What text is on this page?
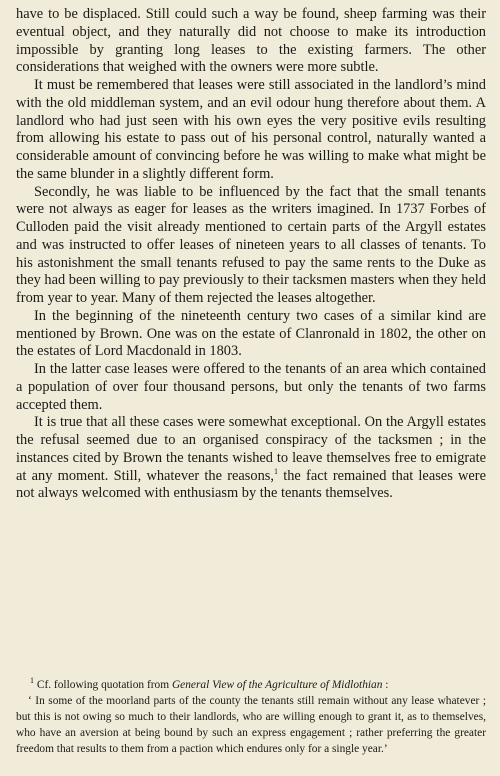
have to be displaced. Still could such a way be found, sheep farming was their eventual object, and they naturally did not choose to make its introduction impossible by granting long leases to the existing farmers. The other considerations that weighed with the owners were more subtle.

It must be remembered that leases were still associated in the landlord’s mind with the old middleman system, and an evil odour hung therefore about them. A landlord who had just seen with his own eyes the very positive evils resulting from allowing his estate to pass out of his personal control, naturally wanted a considerable amount of convincing before he was willing to make what might be the same blunder in a slightly different form.

Secondly, he was liable to be influenced by the fact that the small tenants were not always as eager for leases as the writers imagined. In 1737 Forbes of Culloden paid the visit already mentioned to certain parts of the Argyll estates and was instructed to offer leases of nineteen years to all classes of tenants. To his astonishment the small tenants refused to pay the same rents to the Duke as they had been willing to pay previously to their tacksmen masters when they held from year to year. Many of them rejected the leases altogether.

In the beginning of the nineteenth century two cases of a similar kind are mentioned by Brown. One was on the estate of Clanronald in 1802, the other on the estates of Lord Macdonald in 1803.

In the latter case leases were offered to the tenants of an area which contained a population of over four thousand persons, but only the tenants of two farms accepted them.

It is true that all these cases were somewhat exceptional. On the Argyll estates the refusal seemed due to an organised conspiracy of the tacksmen ; in the instances cited by Brown the tenants wished to leave themselves free to emigrate at any moment. Still, whatever the reasons,$^1$ the fact remained that leases were not always welcomed with enthusiasm by the tenants themselves.

$^1$ Cf. following quotation from General View of the Agriculture of Midlothian :

‘ In some of the moorland parts of the county the tenants still remain without any lease whatever ; but this is not owing so much to their landlords, who are willing enough to grant it, as to themselves, who have an aversion at being bound by such an express engagement ; rather preferring the greater freedom that results to them from a paction which endures only for a single year.’
